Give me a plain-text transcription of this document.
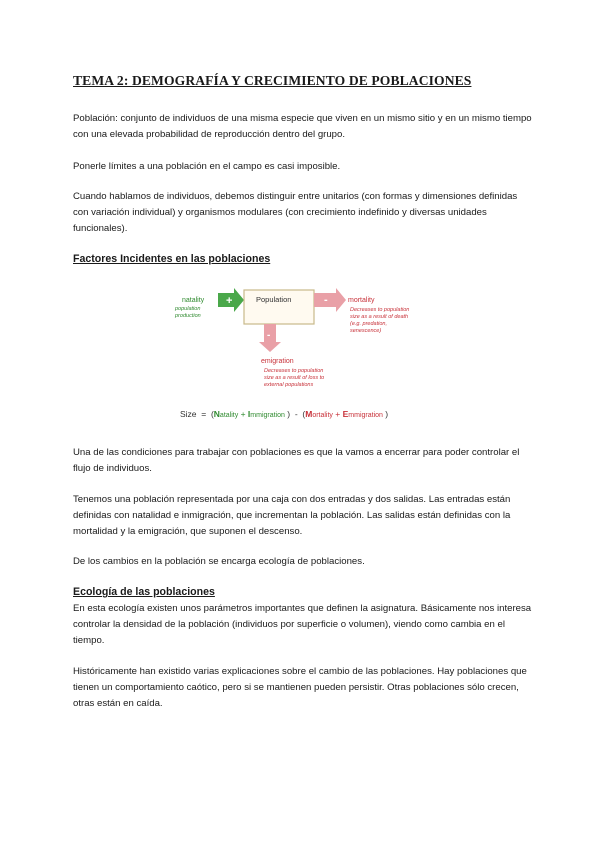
TEMA 2: DEMOGRAFÍA Y CRECIMIENTO DE POBLACIONES

Población: conjunto de individuos de una misma especie que viven en un mismo sitio y en un mismo tiempo con una elevada probabilidad de reproducción dentro del grupo.

Ponerle límites a una población en el campo es casi imposible.

Cuando hablamos de individuos, debemos distinguir entre unitarios (con formas y dimensiones definidas con variación individual) y organismos modulares (con crecimiento indefinido y diversas unidades funcionales).

Factores Incidentes en las poblaciones
+
natality
population
production
Population	-	mortality
Decreases to population
size as a result of death
(e.g. predation,
senescence)
-
emigration
Decreases to population
size as a result of loss to
external populations
Size  =  (Natality + Immigration )  -  (Mortality + Emmigration )

Una de las condiciones para trabajar con poblaciones es que la vamos a encerrar para poder controlar el flujo de individuos.

Tenemos una población representada por una caja con dos entradas y dos salidas. Las entradas están definidas con natalidad e inmigración, que incrementan la población. Las salidas están definidas con la mortalidad y la emigración, que suponen el descenso.

De los cambios en la población se encarga ecología de poblaciones.

Ecología de las poblaciones

En esta ecología existen unos parámetros importantes que definen la asignatura. Básicamente nos interesa controlar la densidad de la población (individuos por superficie o volumen), viendo como cambia en el tiempo.

Históricamente han existido varias explicaciones sobre el cambio de las poblaciones. Hay poblaciones que tienen un comportamiento caótico, pero si se mantienen pueden persistir. Otras poblaciones sólo crecen, otras están en caída.
